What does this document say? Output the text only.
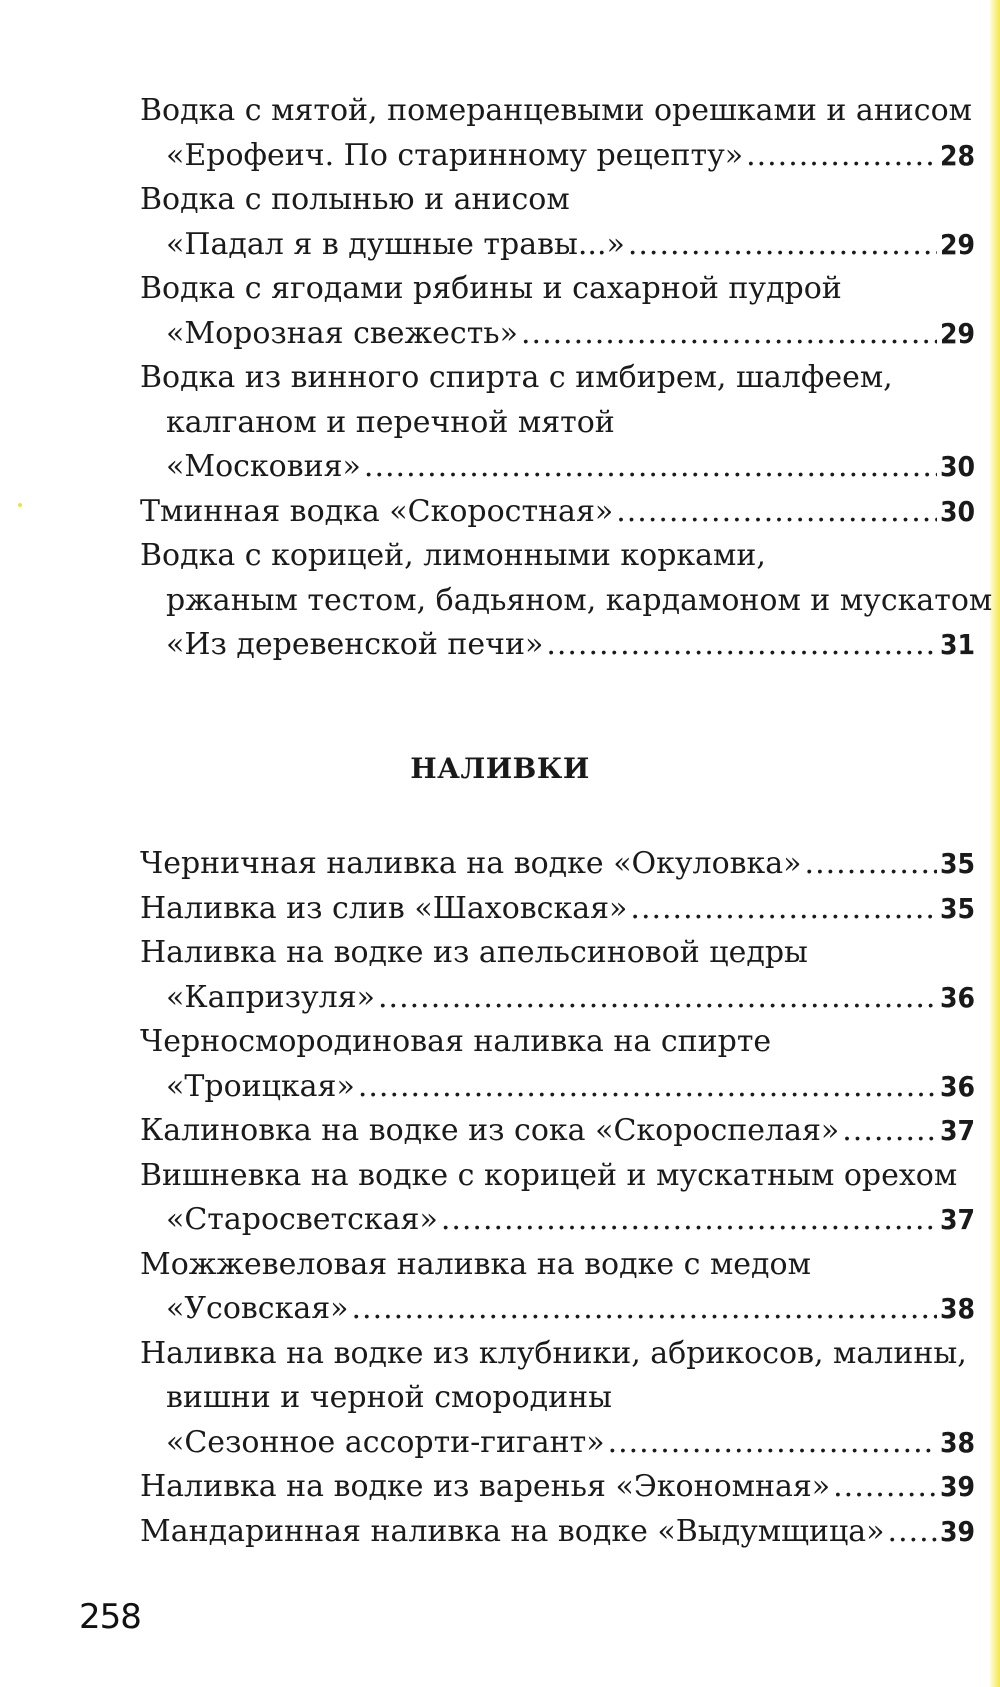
Водка с мятой, померанцевыми орешками и анисом
«Ерофеич. По старинному рецепту» .....	28
Водка с полынью и анисом
«Падал я в душные травы...» .....	29
Водка с ягодами рябины и сахарной пудрой
«Морозная свежесть» .....	29
Водка из винного спирта с имбирем, шалфеем,
калганом и перечной мятой
«Московия» .....	30
Тминная водка «Скоростная» .....	30
Водка с корицей, лимонными корками,
ржаным тестом, бадьяном, кардамоном и мускатом
«Из деревенской печи» .....	31
НАЛИВКИ
Черничная наливка на водке «Окуловка» .....	35
Наливка из слив «Шаховская» .....	35
Наливка на водке из апельсиновой цедры
«Капризуля» .....	36
Черносмородиновая наливка на спирте
«Троицкая» .....	36
Калиновка на водке из сока «Скороспелая» .....	37
Вишневка на водке с корицей и мускатным орехом
«Старосветская» .....	37
Можжевеловая наливка на водке с медом
«Усовская» .....	38
Наливка на водке из клубники, абрикосов, малины,
вишни и черной смородины
«Сезонное ассорти-гигант» .....	38
Наливка на водке из варенья «Экономная» .....	39
Мандаринная наливка на водке «Выдумщица» ..... 39
258
